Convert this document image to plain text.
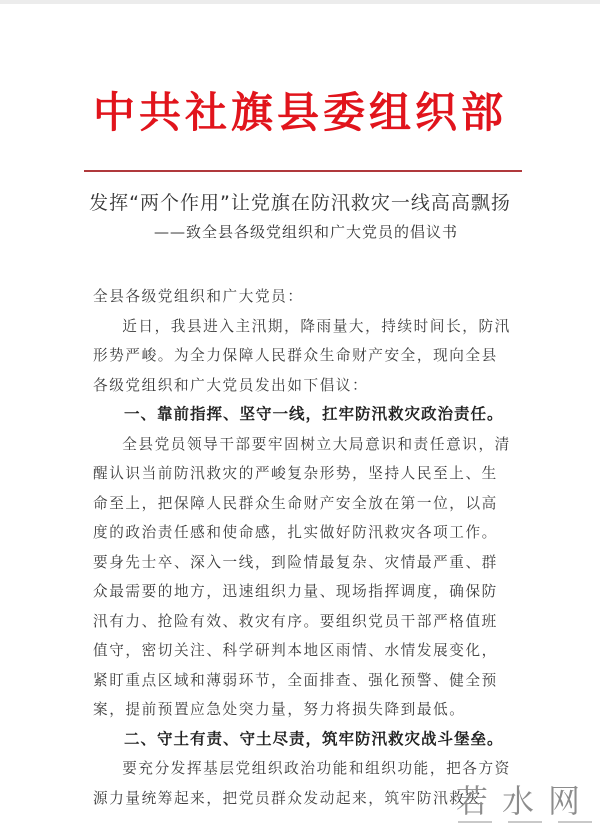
中共社旗县委组织部
发挥“两个作用”让党旗在防汛救灾一线高高飘扬
——致全县各级党组织和广大党员的倡议书

全县各级党组织和广大党员：

近日，我县进入主汛期，降雨量大，持续时间长，防汛形势严峻。为全力保障人民群众生命财产安全，现向全县各级党组织和广大党员发出如下倡议：

一、靠前指挥、坚守一线，扛牢防汛救灾政治责任。

全县党员领导干部要牢固树立大局意识和责任意识，清醒认识当前防汛救灾的严峻复杂形势，坚持人民至上、生命至上，把保障人民群众生命财产安全放在第一位，以高度的政治责任感和使命感，扎实做好防汛救灾各项工作。要身先士卒、深入一线，到险情最复杂、灾情最严重、群众最需要的地方，迅速组织力量、现场指挥调度，确保防汛有力、抢险有效、救灾有序。要组织党员干部严格值班值守，密切关注、科学研判本地区雨情、水情发展变化，紧盯重点区域和薄弱环节，全面排查、强化预警、健全预案，提前预置应急处突力量，努力将损失降到最低。

二、守土有责、守土尽责，筑牢防汛救灾战斗堡垒。

要充分发挥基层党组织政治功能和组织功能，把各方资源力量统筹起来，把党员群众发动起来，筑牢防汛救灾

若水网
